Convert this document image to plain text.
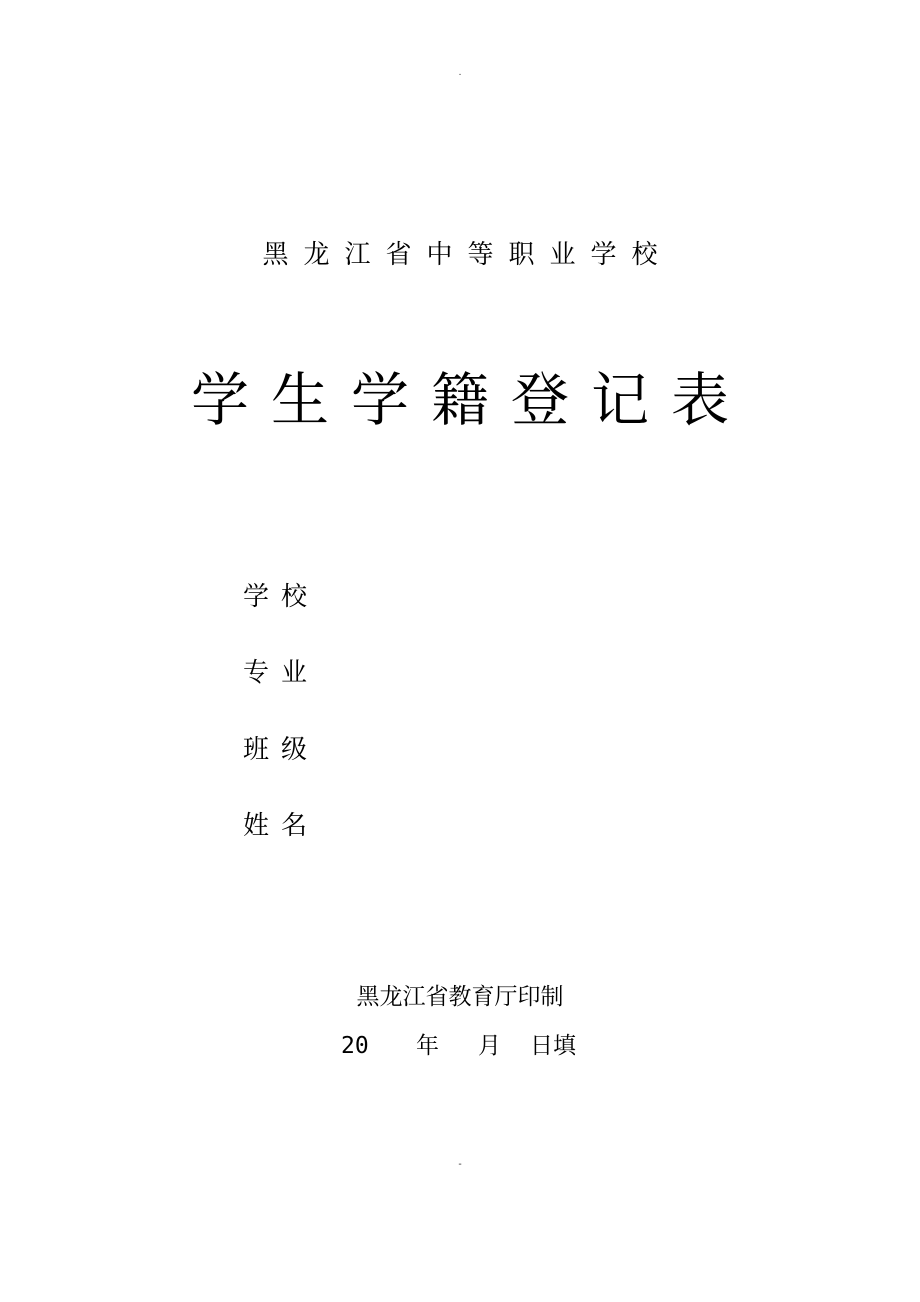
.
黑龙江省中等职业学校
学生学籍登记表
学校
专业
班级
姓名
黑龙江省教育厅印制
20 年 月 日填
-
